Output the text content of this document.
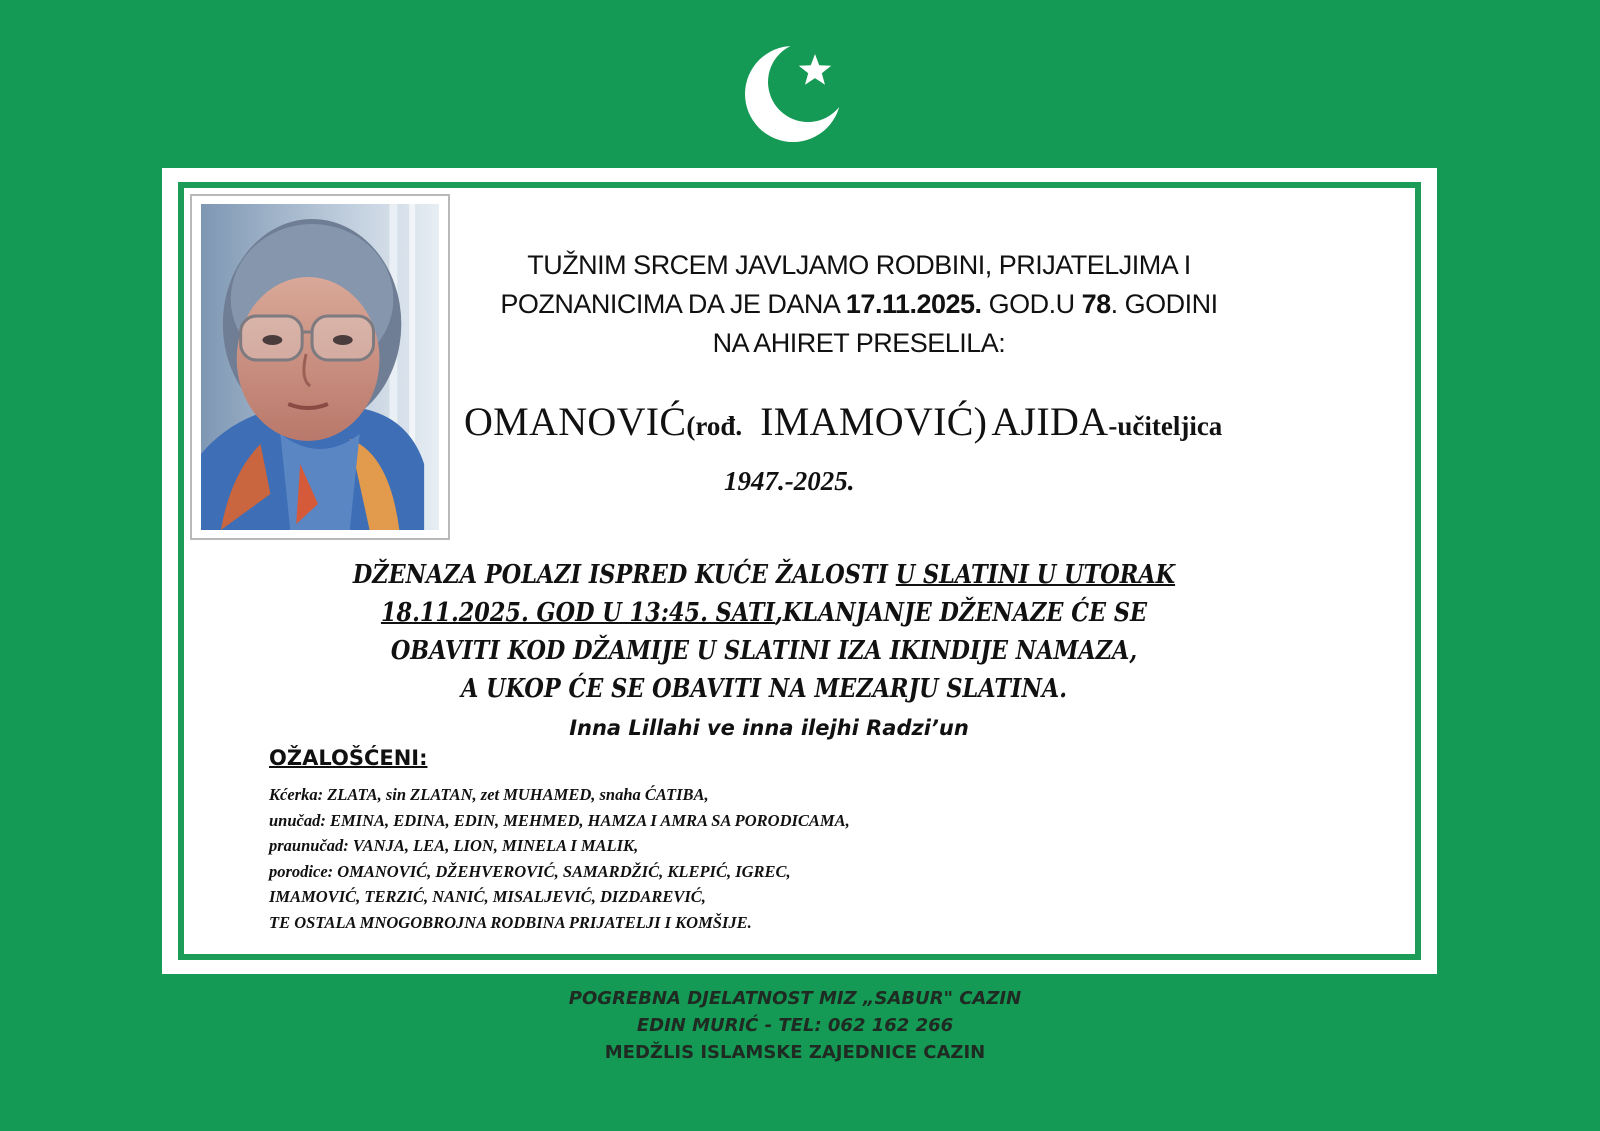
TUŽNIM SRCEM JAVLJAMO RODBINI, PRIJATELJIMA I
POZNANICIMA DA JE DANA 17.11.2025. GOD.U 78. GODINI
NA AHIRET PRESELILA:
OMANOVIĆ(rođ. IMAMOVIĆ) AJIDA-učiteljica
1947.-2025.
DŽENAZA POLAZI ISPRED KUĆE ŽALOSTI U SLATINI U UTORAK
18.11.2025. GOD U 13:45. SATI,KLANJANJE DŽENAZE ĆE SE
OBAVITI KOD DŽAMIJE U SLATINI IZA IKINDIJE NAMAZA,
A UKOP ĆE SE OBAVITI NA MEZARJU SLATINA.
Inna Lillahi ve inna ilejhi Radzi’un
OŽALOŠĆENI:
Kćerka: ZLATA, sin ZLATAN, zet MUHAMED, snaha ĆATIBA,
unučad: EMINA, EDINA, EDIN, MEHMED, HAMZA I AMRA SA PORODICAMA,
praunučad: VANJA, LEA, LION, MINELA I MALIK,
porodice: OMANOVIĆ, DŽEHVEROVIĆ, SAMARDŽIĆ, KLEPIĆ, IGREC,
IMAMOVIĆ, TERZIĆ, NANIĆ, MISALJEVIĆ, DIZDAREVIĆ,
TE OSTALA MNOGOBROJNA RODBINA PRIJATELJI I KOMŠIJE.
POGREBNA DJELATNOST MIZ „SABUR" CAZIN
EDIN MURIĆ - TEL: 062 162 266
MEDŽLIS ISLAMSKE ZAJEDNICE CAZIN
